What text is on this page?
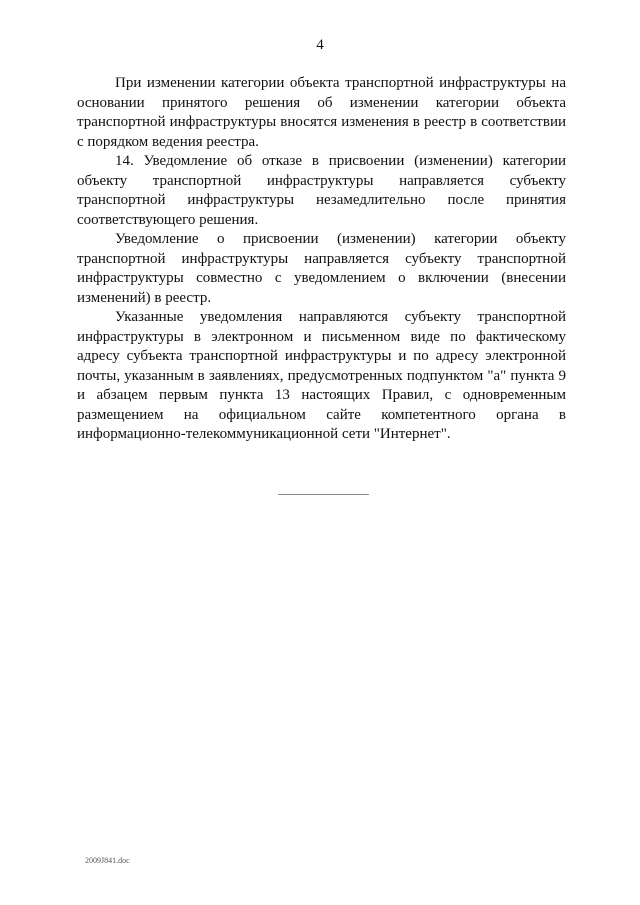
4

При изменении категории объекта транспортной инфраструктуры на основании принятого решения об изменении категории объекта транспортной инфраструктуры вносятся изменения в реестр в соответствии с порядком ведения реестра.

14. Уведомление об отказе в присвоении (изменении) категории объекту транспортной инфраструктуры направляется субъекту транспортной инфраструктуры незамедлительно после принятия соответствующего решения.

Уведомление о присвоении (изменении) категории объекту транспортной инфраструктуры направляется субъекту транспортной инфраструктуры совместно с уведомлением о включении (внесении изменений) в реестр.

Указанные уведомления направляются субъекту транспортной инфраструктуры в электронном и письменном виде по фактическому адресу субъекта транспортной инфраструктуры и по адресу электронной почты, указанным в заявлениях, предусмотренных подпунктом "а" пункта 9 и абзацем первым пункта 13 настоящих Правил, с одновременным размещением на официальном сайте компетентного органа в информационно-телекоммуникационной сети "Интернет".

2009J841.doc
